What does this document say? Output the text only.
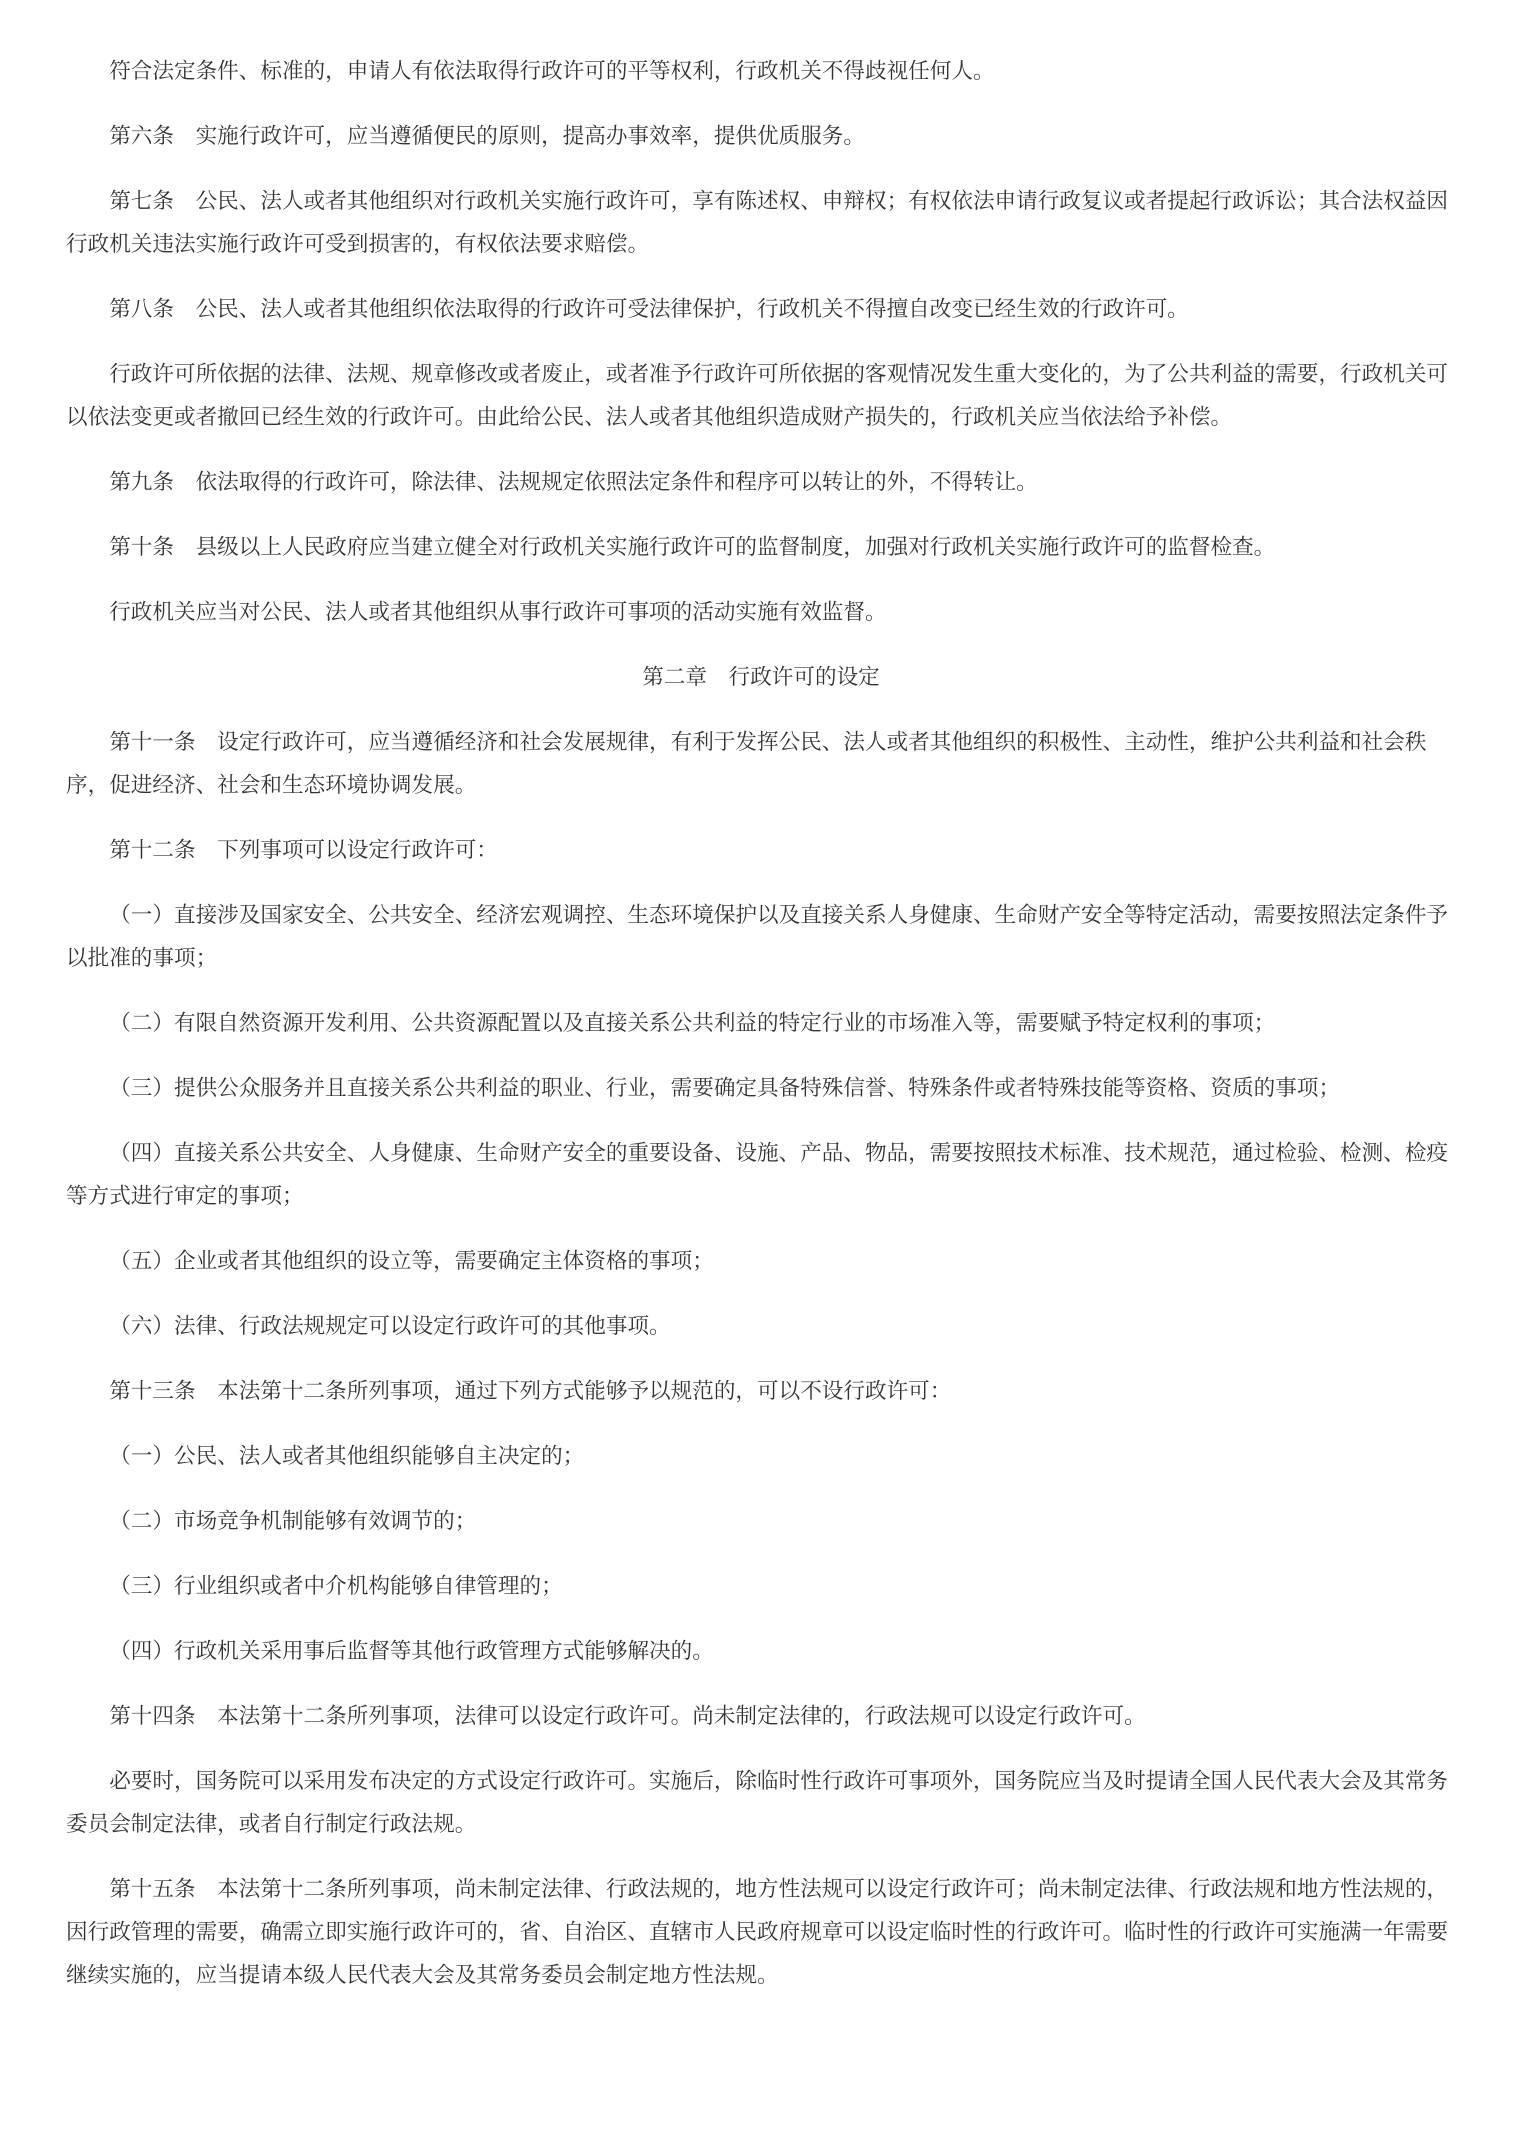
符合法定条件、标准的，申请人有依法取得行政许可的平等权利，行政机关不得歧视任何人。

第六条　实施行政许可，应当遵循便民的原则，提高办事效率，提供优质服务。

第七条　公民、法人或者其他组织对行政机关实施行政许可，享有陈述权、申辩权；有权依法申请行政复议或者提起行政诉讼；其合法权益因行政机关违法实施行政许可受到损害的，有权依法要求赔偿。

第八条　公民、法人或者其他组织依法取得的行政许可受法律保护，行政机关不得擅自改变已经生效的行政许可。

行政许可所依据的法律、法规、规章修改或者废止，或者准予行政许可所依据的客观情况发生重大变化的，为了公共利益的需要，行政机关可以依法变更或者撤回已经生效的行政许可。由此给公民、法人或者其他组织造成财产损失的，行政机关应当依法给予补偿。

第九条　依法取得的行政许可，除法律、法规规定依照法定条件和程序可以转让的外，不得转让。

第十条　县级以上人民政府应当建立健全对行政机关实施行政许可的监督制度，加强对行政机关实施行政许可的监督检查。

行政机关应当对公民、法人或者其他组织从事行政许可事项的活动实施有效监督。

第二章　行政许可的设定

第十一条　设定行政许可，应当遵循经济和社会发展规律，有利于发挥公民、法人或者其他组织的积极性、主动性，维护公共利益和社会秩序，促进经济、社会和生态环境协调发展。

第十二条　下列事项可以设定行政许可：

（一）直接涉及国家安全、公共安全、经济宏观调控、生态环境保护以及直接关系人身健康、生命财产安全等特定活动，需要按照法定条件予以批准的事项；

（二）有限自然资源开发利用、公共资源配置以及直接关系公共利益的特定行业的市场准入等，需要赋予特定权利的事项；

（三）提供公众服务并且直接关系公共利益的职业、行业，需要确定具备特殊信誉、特殊条件或者特殊技能等资格、资质的事项；

（四）直接关系公共安全、人身健康、生命财产安全的重要设备、设施、产品、物品，需要按照技术标准、技术规范，通过检验、检测、检疫等方式进行审定的事项；

（五）企业或者其他组织的设立等，需要确定主体资格的事项；

（六）法律、行政法规规定可以设定行政许可的其他事项。

第十三条　本法第十二条所列事项，通过下列方式能够予以规范的，可以不设行政许可：

（一）公民、法人或者其他组织能够自主决定的；

（二）市场竞争机制能够有效调节的；

（三）行业组织或者中介机构能够自律管理的；

（四）行政机关采用事后监督等其他行政管理方式能够解决的。

第十四条　本法第十二条所列事项，法律可以设定行政许可。尚未制定法律的，行政法规可以设定行政许可。

必要时，国务院可以采用发布决定的方式设定行政许可。实施后，除临时性行政许可事项外，国务院应当及时提请全国人民代表大会及其常务委员会制定法律，或者自行制定行政法规。

第十五条　本法第十二条所列事项，尚未制定法律、行政法规的，地方性法规可以设定行政许可；尚未制定法律、行政法规和地方性法规的，因行政管理的需要，确需立即实施行政许可的，省、自治区、直辖市人民政府规章可以设定临时性的行政许可。临时性的行政许可实施满一年需要继续实施的，应当提请本级人民代表大会及其常务委员会制定地方性法规。
